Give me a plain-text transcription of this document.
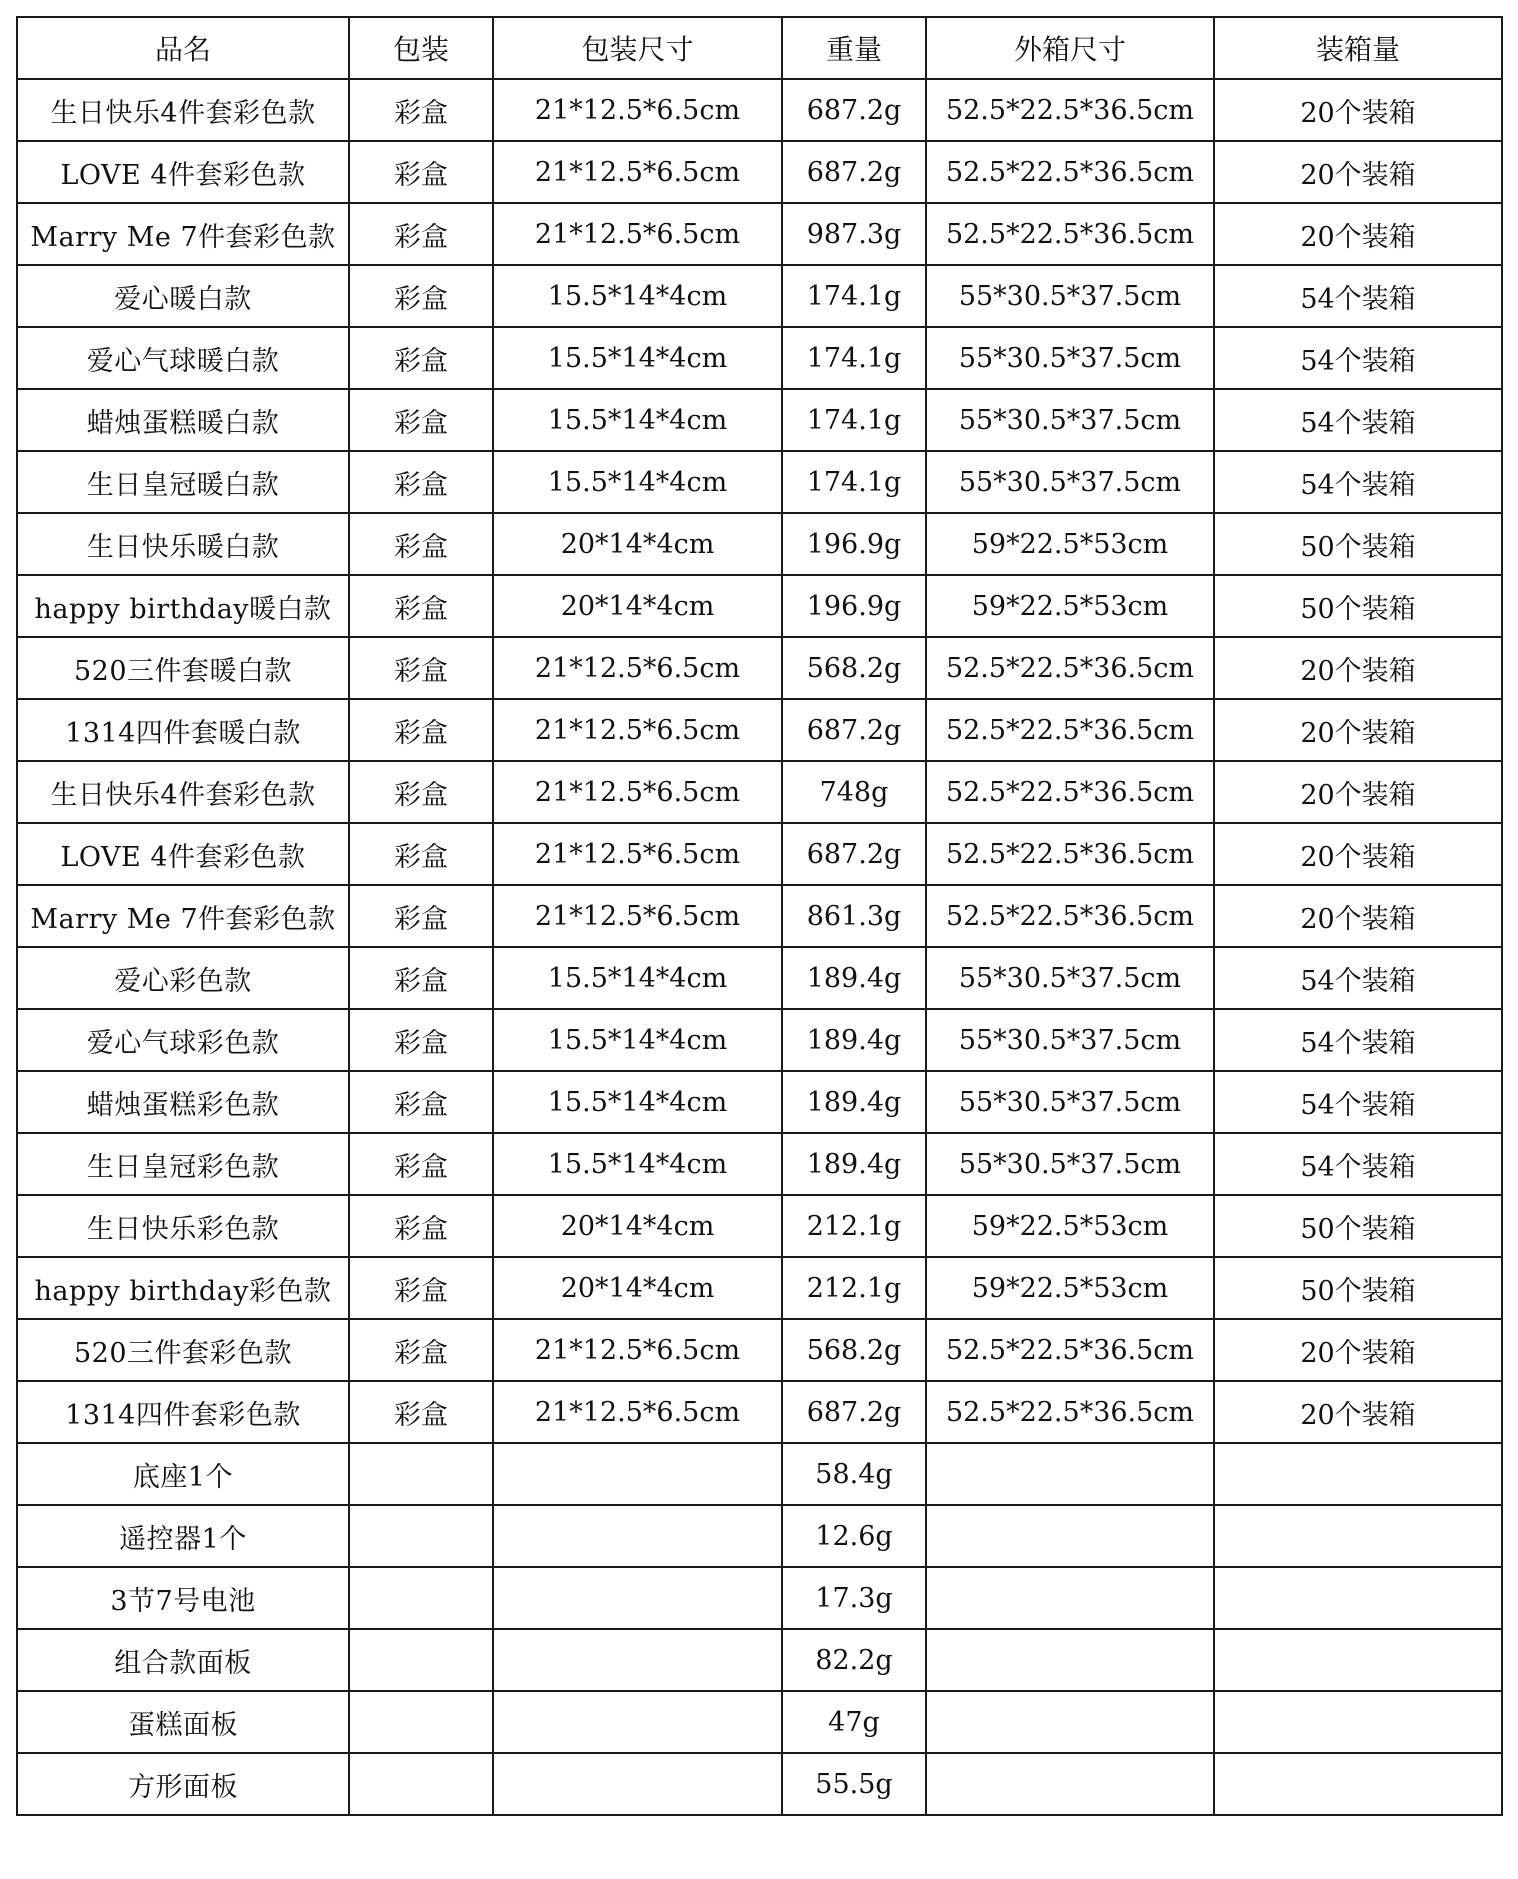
品名	包装	包装尺寸	重量	外箱尺寸	装箱量
生日快乐4件套彩色款	彩盒	21*12.5*6.5cm	687.2g	52.5*22.5*36.5cm	20个装箱
LOVE 4件套彩色款	彩盒	21*12.5*6.5cm	687.2g	52.5*22.5*36.5cm	20个装箱
Marry Me 7件套彩色款	彩盒	21*12.5*6.5cm	987.3g	52.5*22.5*36.5cm	20个装箱
爱心暖白款	彩盒	15.5*14*4cm	174.1g	55*30.5*37.5cm	54个装箱
爱心气球暖白款	彩盒	15.5*14*4cm	174.1g	55*30.5*37.5cm	54个装箱
蜡烛蛋糕暖白款	彩盒	15.5*14*4cm	174.1g	55*30.5*37.5cm	54个装箱
生日皇冠暖白款	彩盒	15.5*14*4cm	174.1g	55*30.5*37.5cm	54个装箱
生日快乐暖白款	彩盒	20*14*4cm	196.9g	59*22.5*53cm	50个装箱
happy birthday暖白款	彩盒	20*14*4cm	196.9g	59*22.5*53cm	50个装箱
520三件套暖白款	彩盒	21*12.5*6.5cm	568.2g	52.5*22.5*36.5cm	20个装箱
1314四件套暖白款	彩盒	21*12.5*6.5cm	687.2g	52.5*22.5*36.5cm	20个装箱
生日快乐4件套彩色款	彩盒	21*12.5*6.5cm	748g	52.5*22.5*36.5cm	20个装箱
LOVE 4件套彩色款	彩盒	21*12.5*6.5cm	687.2g	52.5*22.5*36.5cm	20个装箱
Marry Me 7件套彩色款	彩盒	21*12.5*6.5cm	861.3g	52.5*22.5*36.5cm	20个装箱
爱心彩色款	彩盒	15.5*14*4cm	189.4g	55*30.5*37.5cm	54个装箱
爱心气球彩色款	彩盒	15.5*14*4cm	189.4g	55*30.5*37.5cm	54个装箱
蜡烛蛋糕彩色款	彩盒	15.5*14*4cm	189.4g	55*30.5*37.5cm	54个装箱
生日皇冠彩色款	彩盒	15.5*14*4cm	189.4g	55*30.5*37.5cm	54个装箱
生日快乐彩色款	彩盒	20*14*4cm	212.1g	59*22.5*53cm	50个装箱
happy birthday彩色款	彩盒	20*14*4cm	212.1g	59*22.5*53cm	50个装箱
520三件套彩色款	彩盒	21*12.5*6.5cm	568.2g	52.5*22.5*36.5cm	20个装箱
1314四件套彩色款	彩盒	21*12.5*6.5cm	687.2g	52.5*22.5*36.5cm	20个装箱
底座1个			58.4g		
遥控器1个			12.6g		
3节7号电池			17.3g		
组合款面板			82.2g		
蛋糕面板			47g		
方形面板			55.5g		
